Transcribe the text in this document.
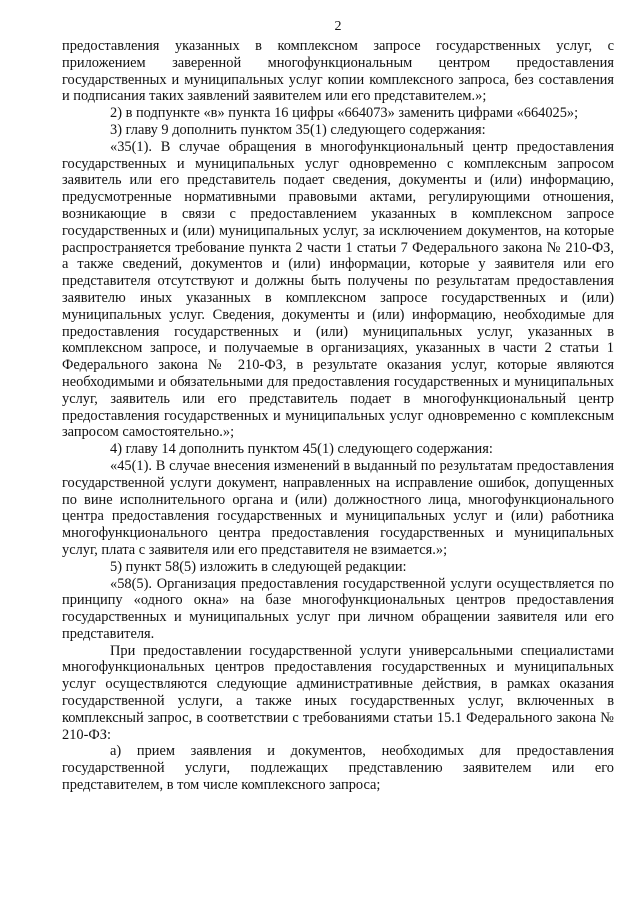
2

предоставления указанных в комплексном запросе государственных услуг, с приложением заверенной многофункциональным центром предоставления государственных и муниципальных услуг копии комплексного запроса, без составления и подписания таких заявлений заявителем или его представителем.»;

2) в подпункте «в» пункта 16 цифры «664073» заменить цифрами «664025»;

3) главу 9 дополнить пунктом 35(1) следующего содержания:

«35(1). В случае обращения в многофункциональный центр предоставления государственных и муниципальных услуг одновременно с комплексным запросом заявитель или его представитель подает сведения, документы и (или) информацию, предусмотренные нормативными правовыми актами, регулирующими отношения, возникающие в связи с предоставлением указанных в комплексном запросе государственных и (или) муниципальных услуг, за исключением документов, на которые распространяется требование пункта 2 части 1 статьи 7 Федерального закона № 210-ФЗ, а также сведений, документов и (или) информации, которые у заявителя или его представителя отсутствуют и должны быть получены по результатам предоставления заявителю иных указанных в комплексном запросе государственных и (или) муниципальных услуг. Сведения, документы и (или) информацию, необходимые для предоставления государственных и (или) муниципальных услуг, указанных в комплексном запросе, и получаемые в организациях, указанных в части 2 статьи 1 Федерального закона № 210-ФЗ, в результате оказания услуг, которые являются необходимыми и обязательными для предоставления государственных и муниципальных услуг, заявитель или его представитель подает в многофункциональный центр предоставления государственных и муниципальных услуг одновременно с комплексным запросом самостоятельно.»;

4) главу 14 дополнить пунктом 45(1) следующего содержания:

«45(1). В случае внесения изменений в выданный по результатам предоставления государственной услуги документ, направленных на исправление ошибок, допущенных по вине исполнительного органа и (или) должностного лица, многофункционального центра предоставления государственных и муниципальных услуг и (или) работника многофункционального центра предоставления государственных и муниципальных услуг, плата с заявителя или его представителя не взимается.»;

5) пункт 58(5) изложить в следующей редакции:

«58(5). Организация предоставления государственной услуги осуществляется по принципу «одного окна» на базе многофункциональных центров предоставления государственных и муниципальных услуг при личном обращении заявителя или его представителя.

При предоставлении государственной услуги универсальными специалистами многофункциональных центров предоставления государственных и муниципальных услуг осуществляются следующие административные действия, в рамках оказания государственной услуги, а также иных государственных услуг, включенных в комплексный запрос, в соответствии с требованиями статьи 15.1 Федерального закона № 210-ФЗ:

а) прием заявления и документов, необходимых для предоставления государственной услуги, подлежащих представлению заявителем или его представителем, в том числе комплексного запроса;
